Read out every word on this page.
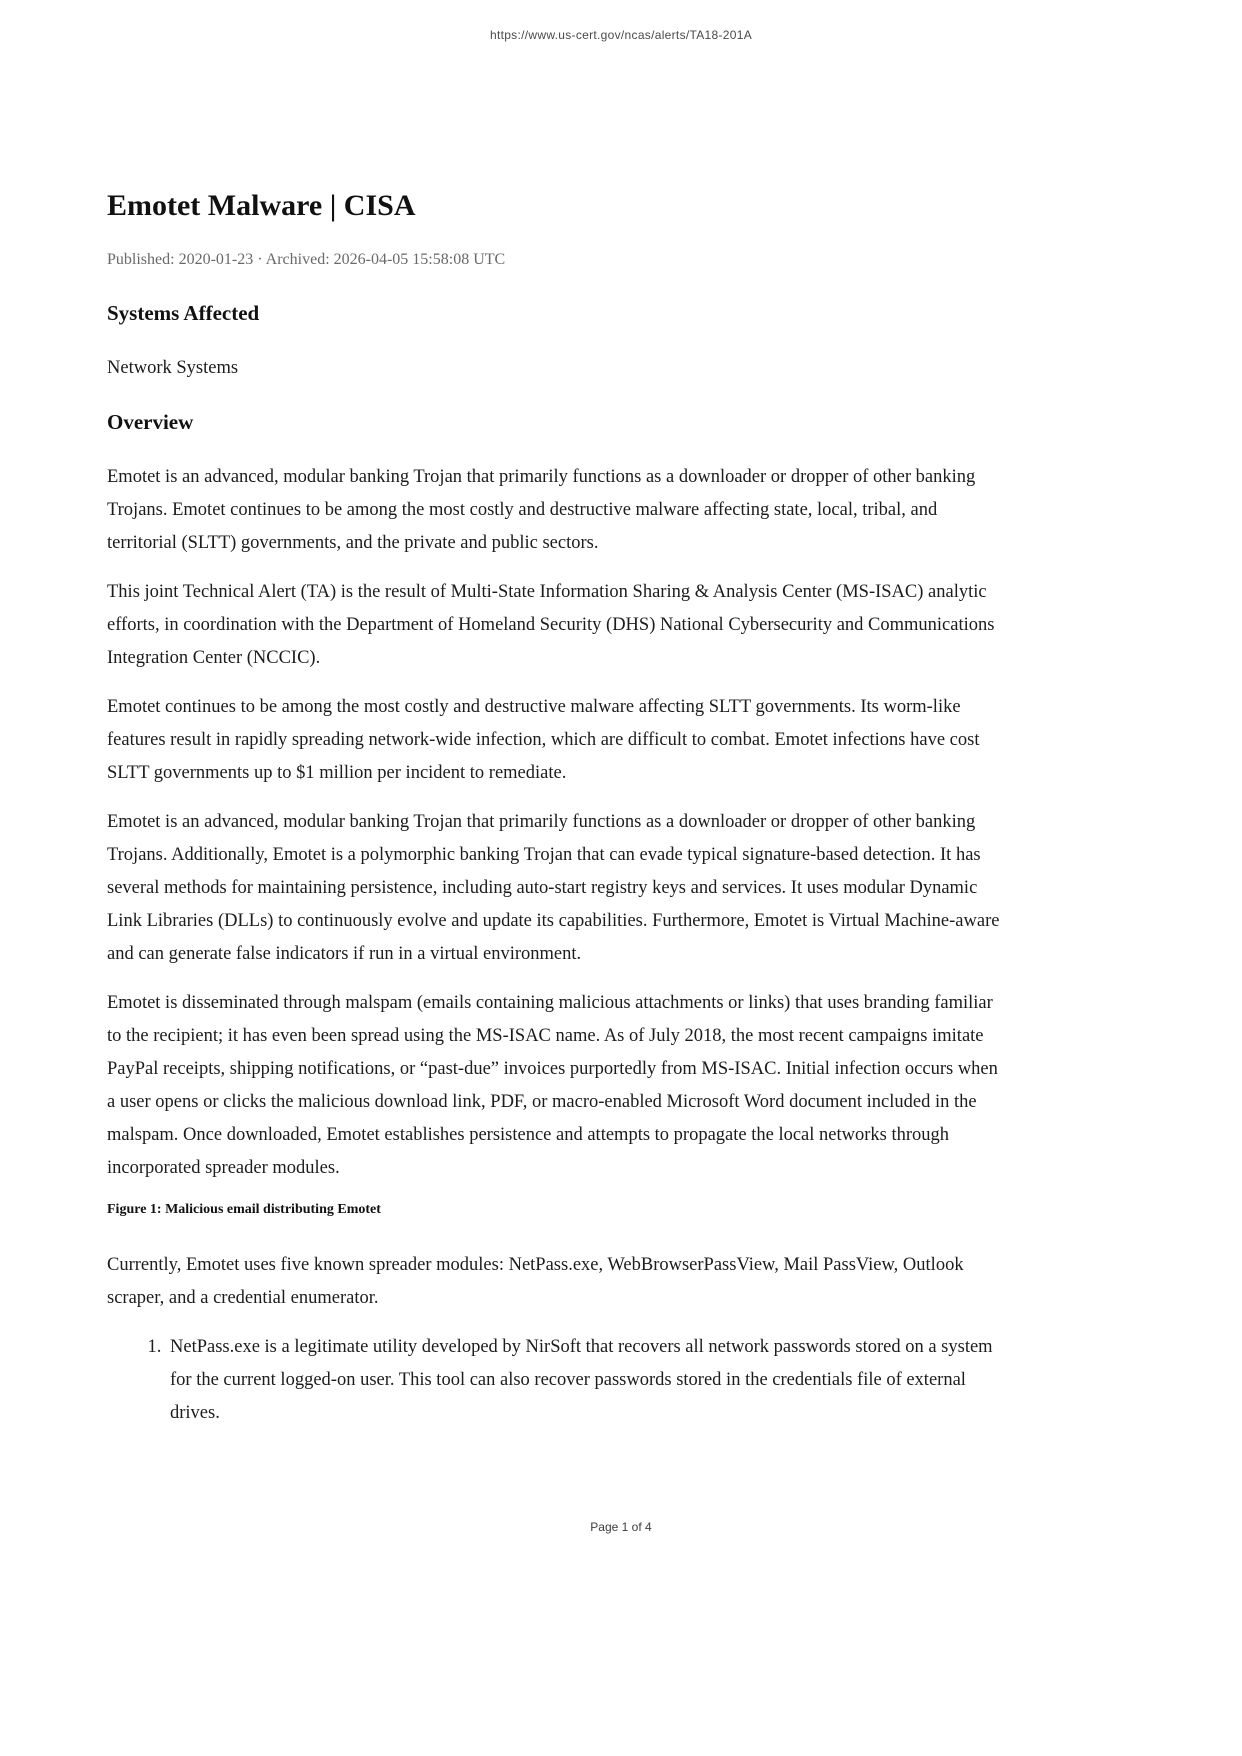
https://www.us-cert.gov/ncas/alerts/TA18-201A
Emotet Malware | CISA

Published: 2020-01-23 · Archived: 2026-04-05 15:58:08 UTC

Systems Affected

Network Systems

Overview

Emotet is an advanced, modular banking Trojan that primarily functions as a downloader or dropper of other banking Trojans. Emotet continues to be among the most costly and destructive malware affecting state, local, tribal, and territorial (SLTT) governments, and the private and public sectors.

This joint Technical Alert (TA) is the result of Multi-State Information Sharing & Analysis Center (MS-ISAC) analytic efforts, in coordination with the Department of Homeland Security (DHS) National Cybersecurity and Communications Integration Center (NCCIC).

Emotet continues to be among the most costly and destructive malware affecting SLTT governments. Its worm-like features result in rapidly spreading network-wide infection, which are difficult to combat. Emotet infections have cost SLTT governments up to $1 million per incident to remediate.

Emotet is an advanced, modular banking Trojan that primarily functions as a downloader or dropper of other banking Trojans. Additionally, Emotet is a polymorphic banking Trojan that can evade typical signature-based detection. It has several methods for maintaining persistence, including auto-start registry keys and services. It uses modular Dynamic Link Libraries (DLLs) to continuously evolve and update its capabilities. Furthermore, Emotet is Virtual Machine-aware and can generate false indicators if run in a virtual environment.

Emotet is disseminated through malspam (emails containing malicious attachments or links) that uses branding familiar to the recipient; it has even been spread using the MS-ISAC name. As of July 2018, the most recent campaigns imitate PayPal receipts, shipping notifications, or “past-due” invoices purportedly from MS-ISAC. Initial infection occurs when a user opens or clicks the malicious download link, PDF, or macro-enabled Microsoft Word document included in the malspam. Once downloaded, Emotet establishes persistence and attempts to propagate the local networks through incorporated spreader modules.

Figure 1: Malicious email distributing Emotet

Currently, Emotet uses five known spreader modules: NetPass.exe, WebBrowserPassView, Mail PassView, Outlook scraper, and a credential enumerator.

1. NetPass.exe is a legitimate utility developed by NirSoft that recovers all network passwords stored on a system for the current logged-on user. This tool can also recover passwords stored in the credentials file of external drives.
Page 1 of 4
